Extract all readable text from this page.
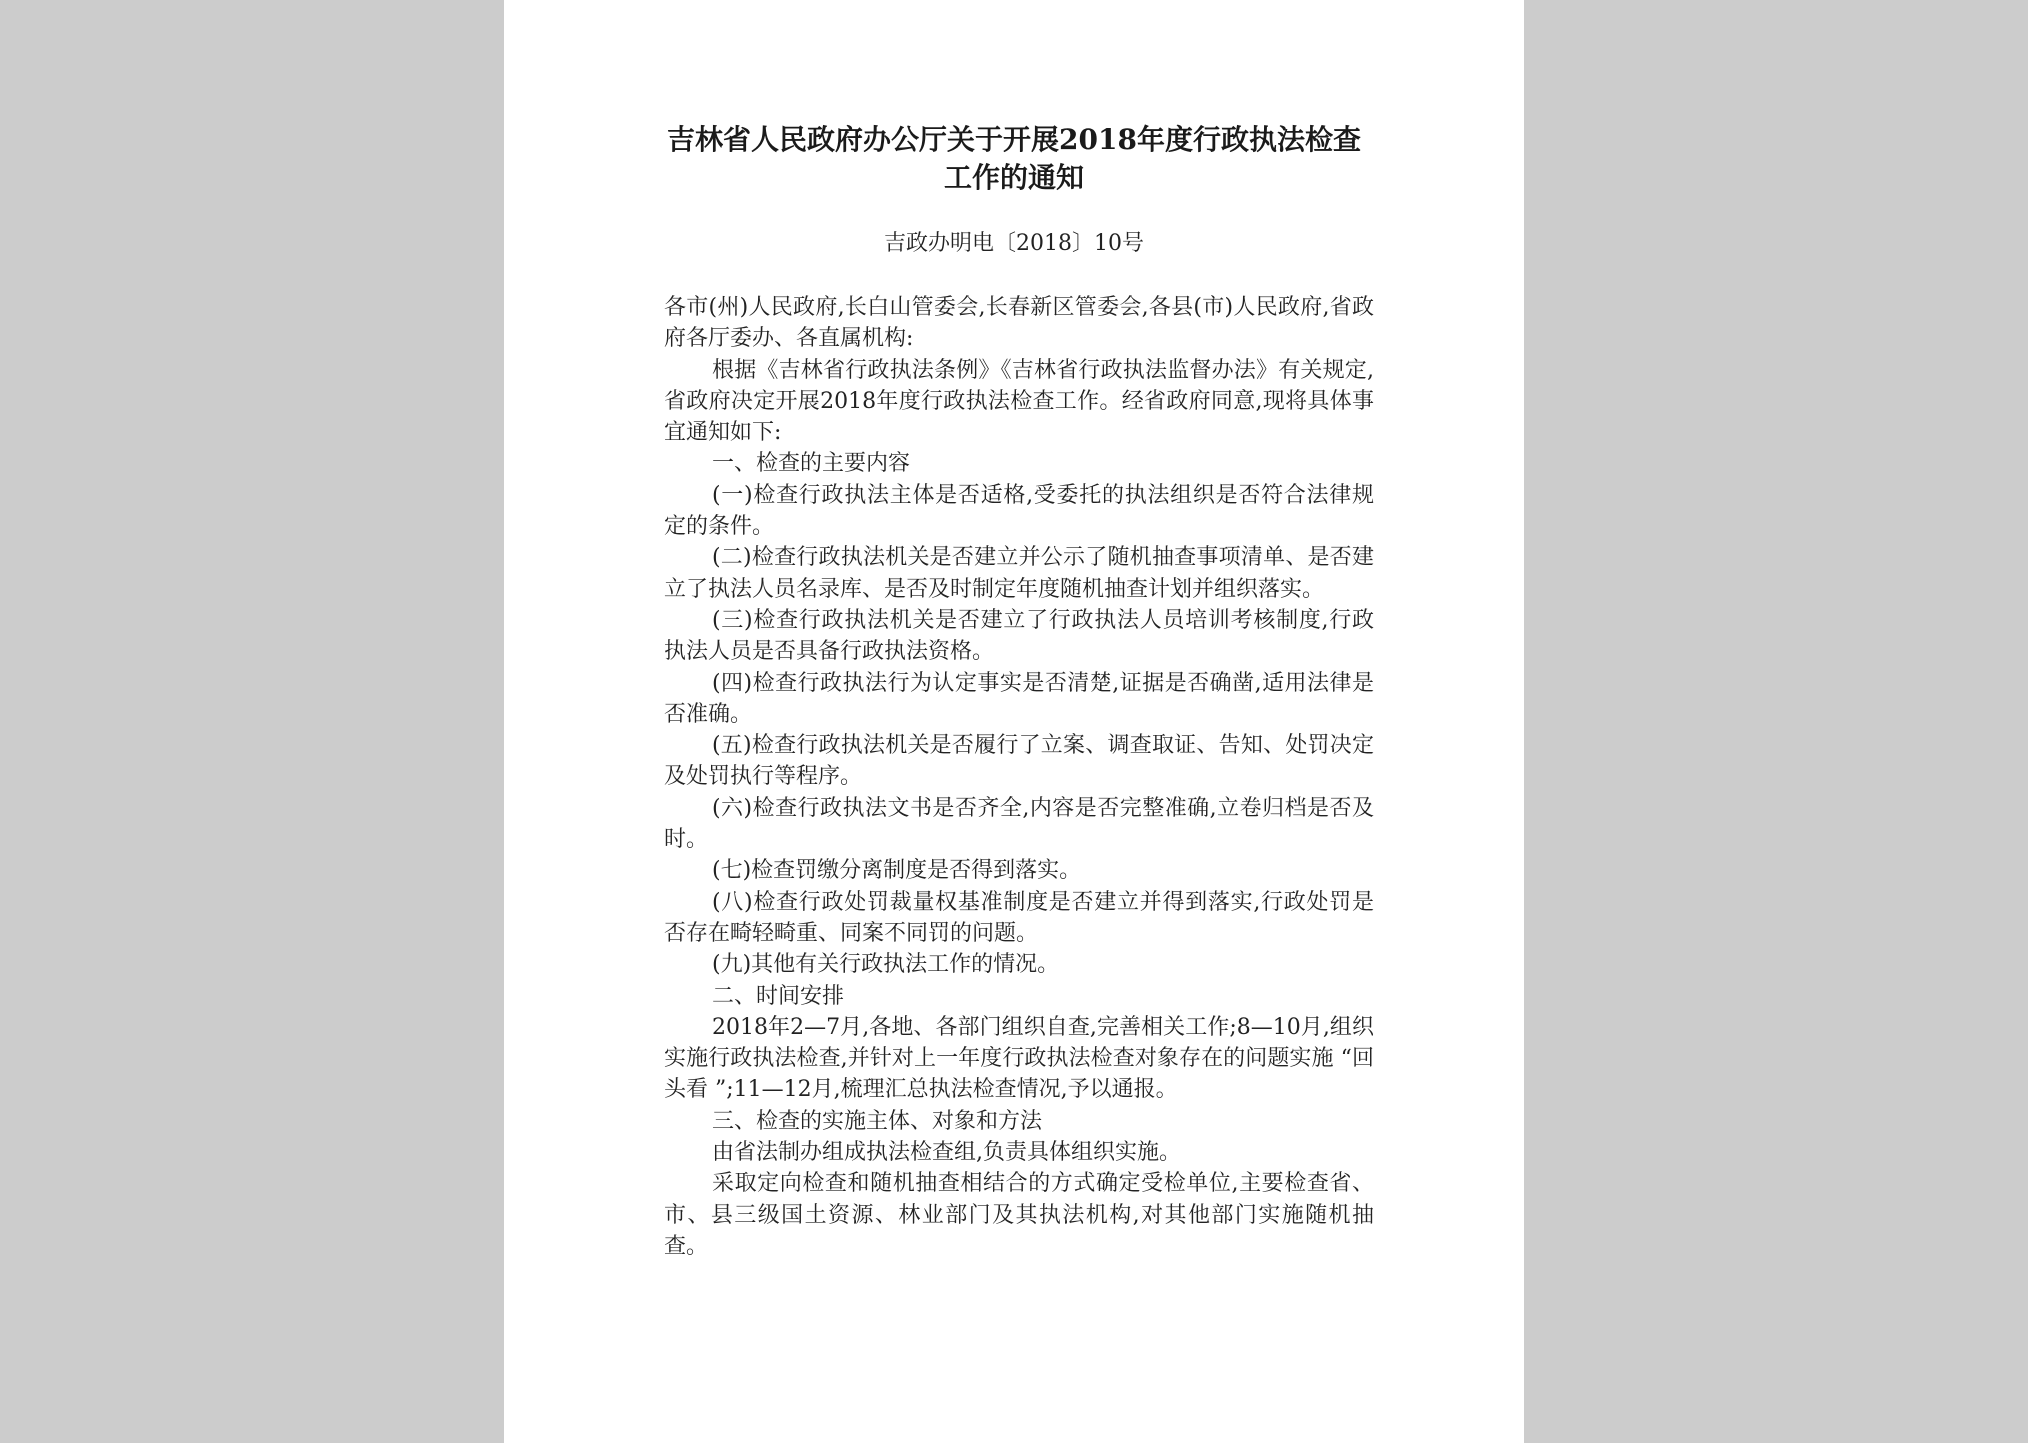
吉林省人民政府办公厅关于开展2018年度行政执法检查
工作的通知
吉政办明电〔2018〕10号

各市(州)人民政府,长白山管委会,长春新区管委会,各县(市)人民政府,省政府各厅委办、各直属机构:

根据《吉林省行政执法条例》《吉林省行政执法监督办法》有关规定,省政府决定开展2018年度行政执法检查工作。经省政府同意,现将具体事宜通知如下:

一、检查的主要内容

(一)检查行政执法主体是否适格,受委托的执法组织是否符合法律规定的条件。

(二)检查行政执法机关是否建立并公示了随机抽查事项清单、是否建立了执法人员名录库、是否及时制定年度随机抽查计划并组织落实。

(三)检查行政执法机关是否建立了行政执法人员培训考核制度,行政执法人员是否具备行政执法资格。

(四)检查行政执法行为认定事实是否清楚,证据是否确凿,适用法律是否准确。

(五)检查行政执法机关是否履行了立案、调查取证、告知、处罚决定及处罚执行等程序。

(六)检查行政执法文书是否齐全,内容是否完整准确,立卷归档是否及时。

(七)检查罚缴分离制度是否得到落实。

(八)检查行政处罚裁量权基准制度是否建立并得到落实,行政处罚是否存在畸轻畸重、同案不同罚的问题。

(九)其他有关行政执法工作的情况。

二、时间安排

2018年2—7月,各地、各部门组织自查,完善相关工作;8—10月,组织实施行政执法检查,并针对上一年度行政执法检查对象存在的问题实施 “回头看 ”;11—12月,梳理汇总执法检查情况,予以通报。

三、检查的实施主体、对象和方法

由省法制办组成执法检查组,负责具体组织实施。

采取定向检查和随机抽查相结合的方式确定受检单位,主要检查省、市、县三级国土资源、林业部门及其执法机构,对其他部门实施随机抽查。
